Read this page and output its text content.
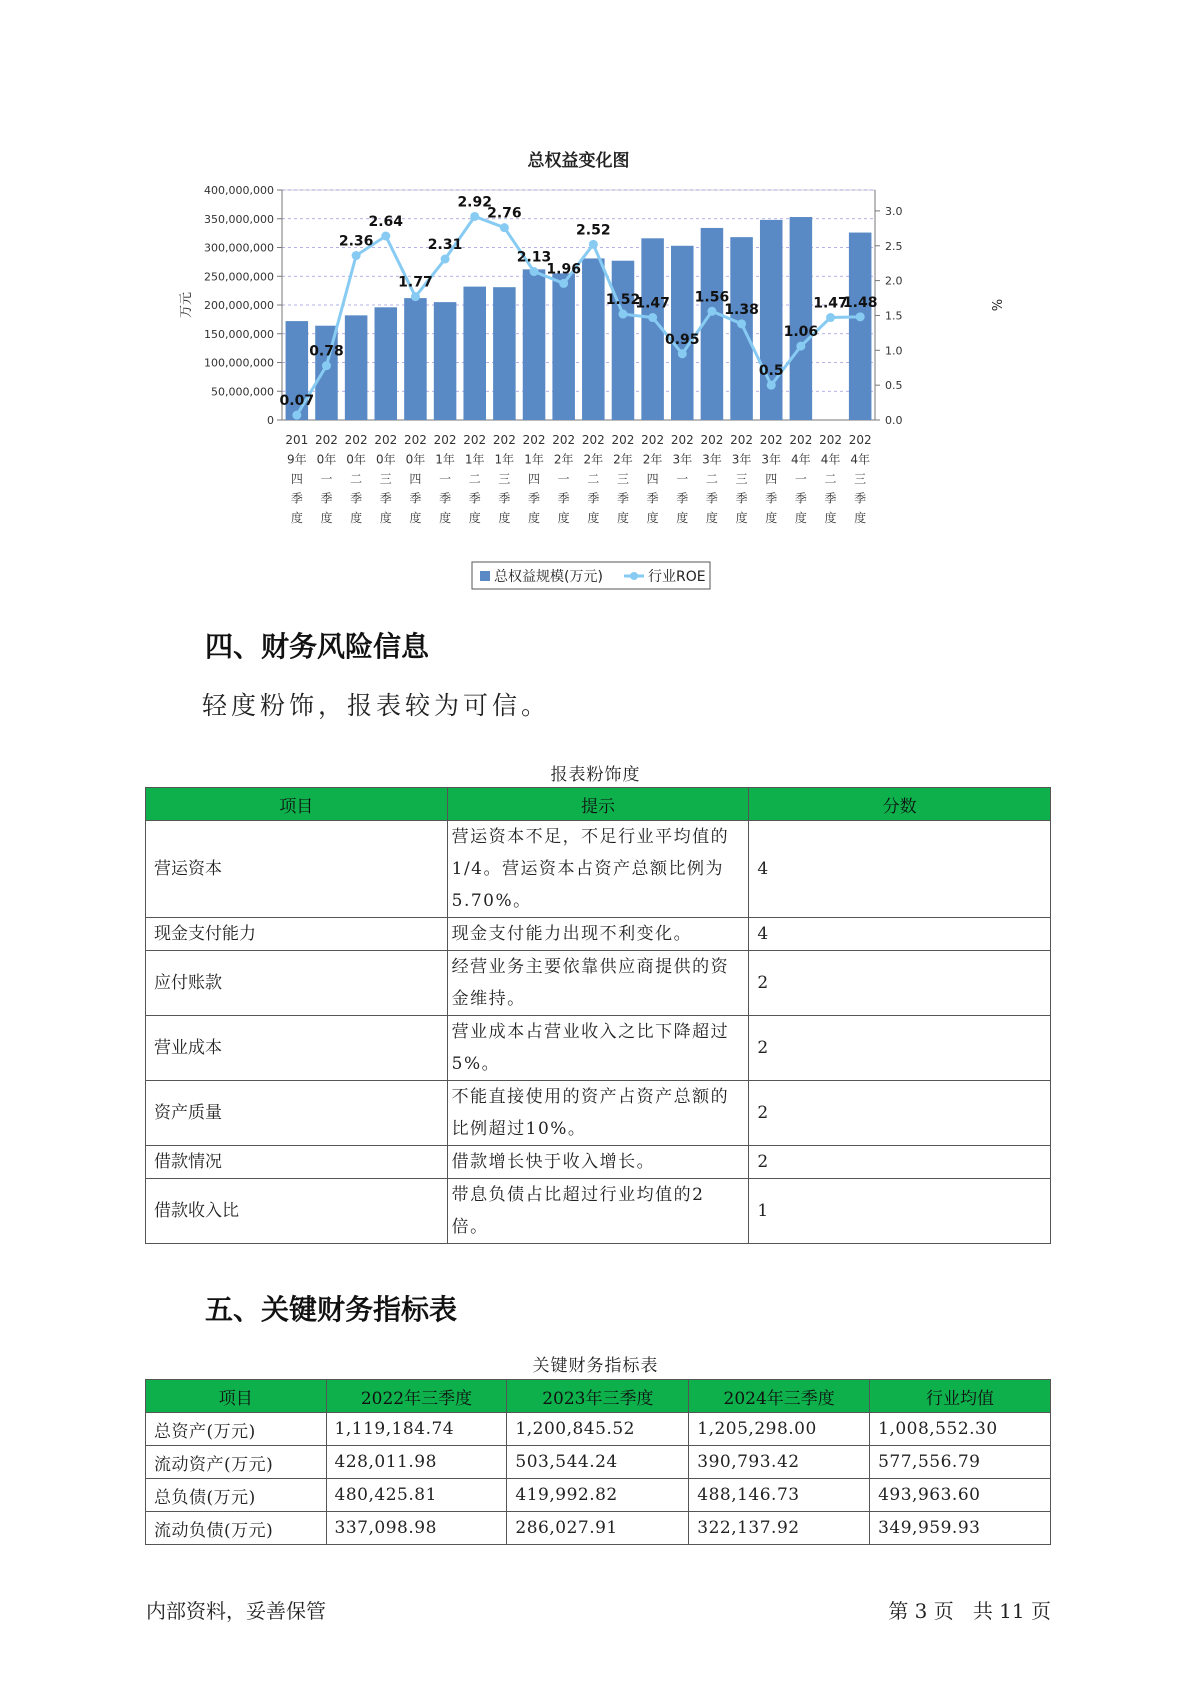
总权益变化图
400,000,000
350,000,000
300,000,000
250,000,000
200,000,000
150,000,000
100,000,000
50,000,000
0
3.0
2.5
2.0
1.5
1.0
0.5
0.0
万元	%
0.07
0.78
2.36
2.64
1.77
2.31
2.92
2.76
2.13
1.96
2.52
1.52
1.47
0.95
1.56
1.38
0.5
1.06
1.47
1.48
201 9年四季度
202 0年一季度
202 0年二季度
202 0年三季度
202 0年四季度
202 1年一季度
202 1年二季度
202 1年三季度
202 1年四季度
202 2年一季度
202 2年二季度
202 2年三季度
202 2年四季度
202 3年一季度
202 3年二季度
202 3年三季度
202 3年四季度
202 4年一季度
202 4年二季度
202 4年三季度
总权益规模(万元)	行业ROE
四、财务风险信息
轻度粉饰，报表较为可信。
报表粉饰度
项目	提示	分数
营运资本	营运资本不足，不足行业平均值的1/4。营运资本占资产总额比例为5.70%。	4
现金支付能力	现金支付能力出现不利变化。	4
应付账款	经营业务主要依靠供应商提供的资金维持。	2
营业成本	营业成本占营业收入之比下降超过5%。	2
资产质量	不能直接使用的资产占资产总额的比例超过10%。	2
借款情况	借款增长快于收入增长。	2
借款收入比	带息负债占比超过行业均值的2倍。	1
五、关键财务指标表
关键财务指标表
项目	2022年三季度	2023年三季度	2024年三季度	行业均值
总资产(万元)	1,119,184.74	1,200,845.52	1,205,298.00	1,008,552.30
流动资产(万元)	428,011.98	503,544.24	390,793.42	577,556.79
总负债(万元)	480,425.81	419,992.82	488,146.73	493,963.60
流动负债(万元)	337,098.98	286,027.91	322,137.92	349,959.93
内部资料，妥善保管	第 3 页   共 11 页
